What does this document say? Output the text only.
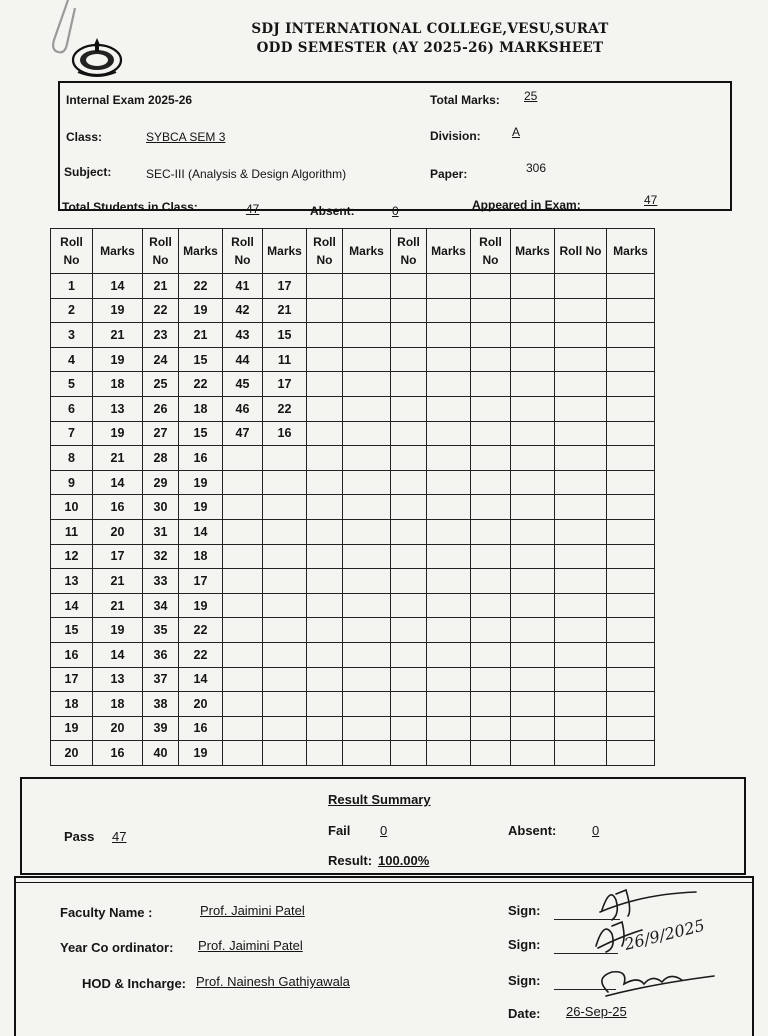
SDJ INTERNATIONAL COLLEGE,VESU,SURAT
ODD SEMESTER (AY 2025-26) MARKSHEET
Internal Exam 2025-26	Total Marks: 25
Class:	SYBCA SEM 3	Division:	A
Subject:	SEC-III (Analysis & Design Algorithm)	Paper:	306
Total Students in Class:	47	Absent:	0	Appeared in Exam:	47
Roll No	Marks	Roll No	Marks	Roll No	Marks	Roll No	Marks	Roll No	Marks	Roll No	Marks	Roll No	Marks
1	14	21	22	41	17								
2	19	22	19	42	21								
3	21	23	21	43	15								
4	19	24	15	44	11								
5	18	25	22	45	17								
6	13	26	18	46	22								
7	19	27	15	47	16								
8	21	28	16										
9	14	29	19										
10	16	30	19										
11	20	31	14										
12	17	32	18										
13	21	33	17										
14	21	34	19										
15	19	35	22										
16	14	36	22										
17	13	37	14										
18	18	38	20										
19	20	39	16										
20	16	40	19										
Result Summary
Pass 47	Fail 0	Absent:	0
Result: 100.00%
Faculty Name :	Prof. Jaimini Patel	Sign:
Year Co ordinator: Prof. Jaimini Patel	Sign:
HOD & Incharge: Prof. Nainesh Gathiyawala	Sign:
Date: 26-Sep-25
26/9/2025
